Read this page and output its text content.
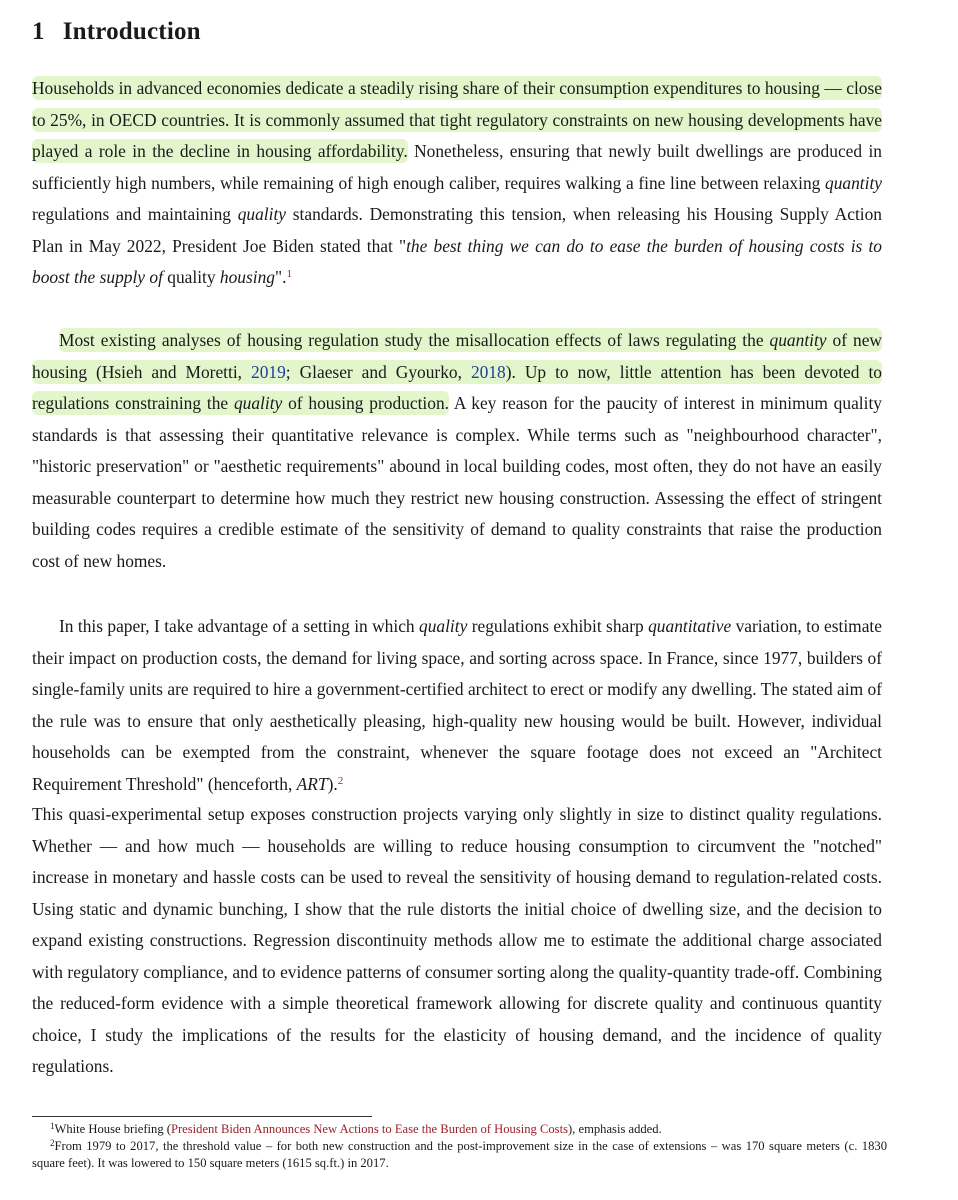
1 Introduction

Households in advanced economies dedicate a steadily rising share of their consumption expenditures to housing — close to 25%, in OECD countries. It is commonly assumed that tight regulatory constraints on new housing developments have played a role in the decline in housing affordability. Nonetheless, ensuring that newly built dwellings are produced in sufficiently high numbers, while remaining of high enough caliber, requires walking a fine line between relaxing quantity regulations and maintaining quality standards. Demonstrating this tension, when releasing his Housing Supply Action Plan in May 2022, President Joe Biden stated that "the best thing we can do to ease the burden of housing costs is to boost the supply of quality housing".$^1$

Most existing analyses of housing regulation study the misallocation effects of laws regulating the quantity of new housing (Hsieh and Moretti, 2019; Glaeser and Gyourko, 2018). Up to now, little attention has been devoted to regulations constraining the quality of housing production. A key reason for the paucity of interest in minimum quality standards is that assessing their quantitative relevance is complex. While terms such as "neighbourhood character", "historic preservation" or "aesthetic requirements" abound in local building codes, most often, they do not have an easily measurable counterpart to determine how much they restrict new housing construction. Assessing the effect of stringent building codes requires a credible estimate of the sensitivity of demand to quality constraints that raise the production cost of new homes.

In this paper, I take advantage of a setting in which quality regulations exhibit sharp quantitative variation, to estimate their impact on production costs, the demand for living space, and sorting across space. In France, since 1977, builders of single-family units are required to hire a government-certified architect to erect or modify any dwelling. The stated aim of the rule was to ensure that only aesthetically pleasing, high-quality new housing would be built. However, individual households can be exempted from the constraint, whenever the square footage does not exceed an "Architect Requirement Threshold" (henceforth, ART).$^2$

This quasi-experimental setup exposes construction projects varying only slightly in size to distinct quality regulations. Whether — and how much — households are willing to reduce housing consumption to circumvent the "notched" increase in monetary and hassle costs can be used to reveal the sensitivity of housing demand to regulation-related costs. Using static and dynamic bunching, I show that the rule distorts the initial choice of dwelling size, and the decision to expand existing constructions. Regression discontinuity methods allow me to estimate the additional charge associated with regulatory compliance, and to evidence patterns of consumer sorting along the quality-quantity trade-off. Combining the reduced-form evidence with a simple theoretical framework allowing for discrete quality and continuous quantity choice, I study the implications of the results for the elasticity of housing demand, and the incidence of quality regulations.

$^1$White House briefing (President Biden Announces New Actions to Ease the Burden of Housing Costs), emphasis added.

$^2$From 1979 to 2017, the threshold value – for both new construction and the post-improvement size in the case of extensions – was 170 square meters (c. 1830 square feet). It was lowered to 150 square meters (1615 sq.ft.) in 2017.
